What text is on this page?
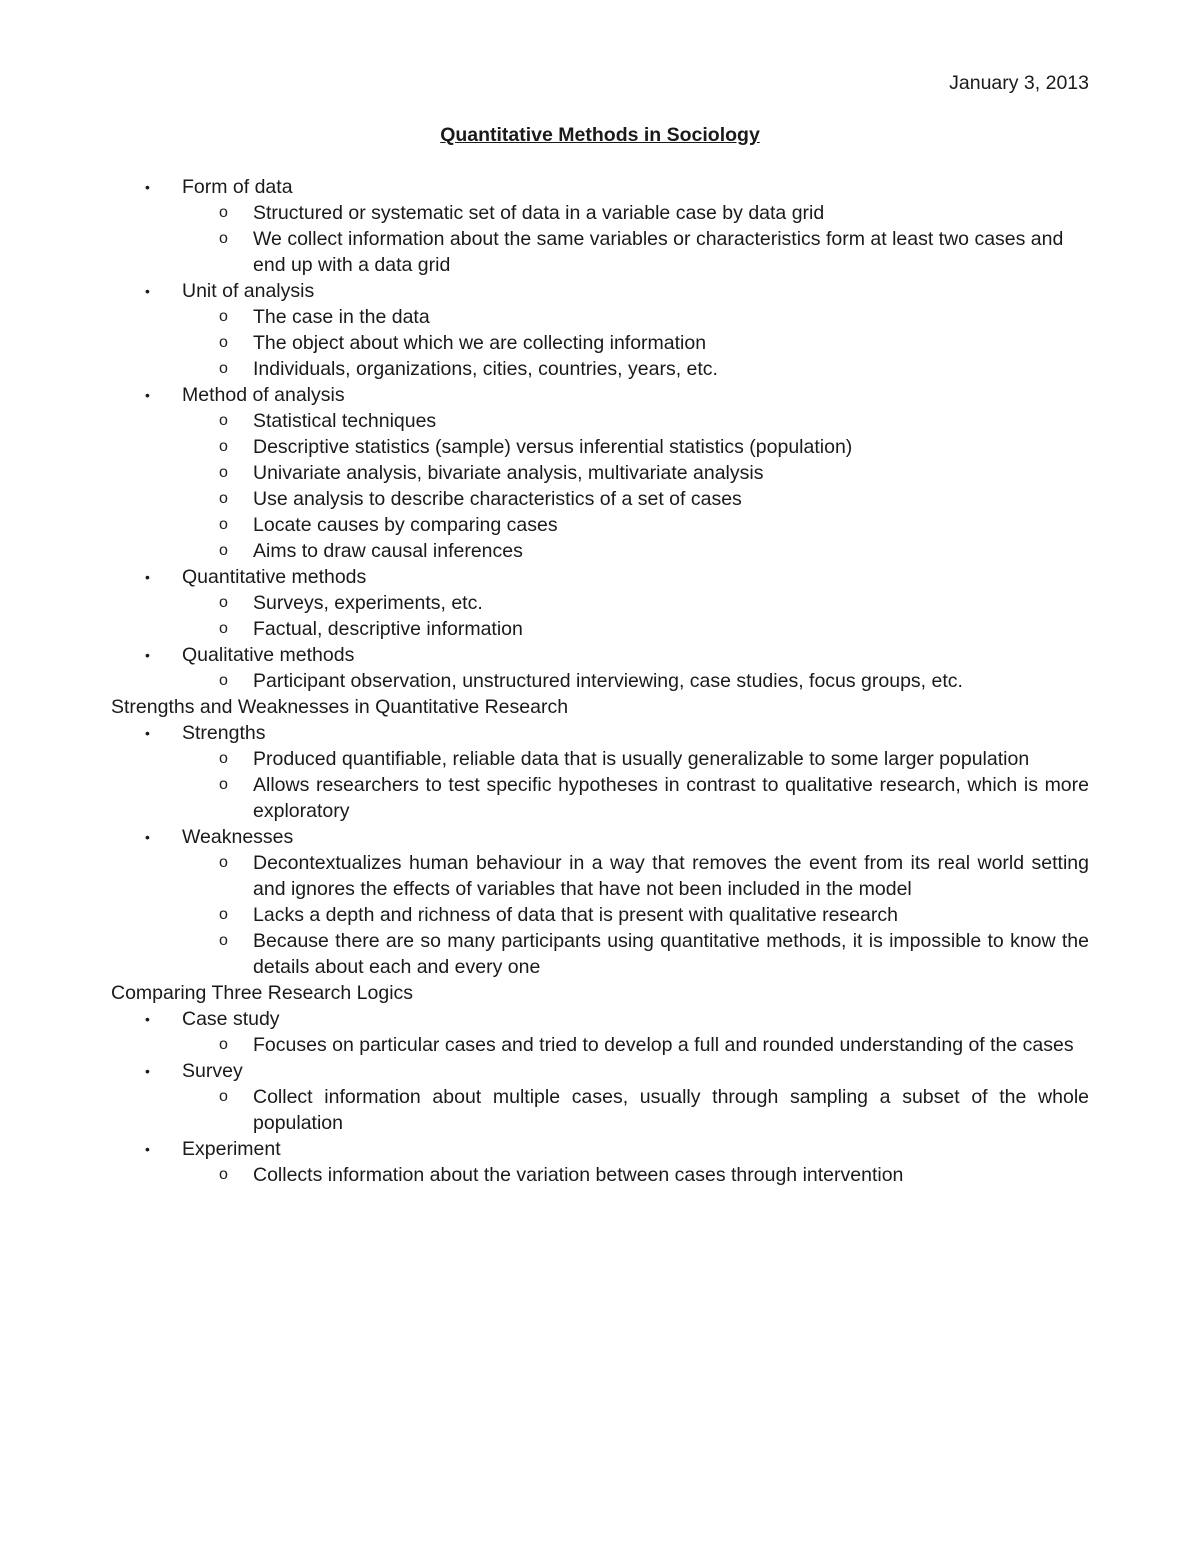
January 3, 2013
Quantitative Methods in Sociology
• Form of data
o Structured or systematic set of data in a variable case by data grid
o We collect information about the same variables or characteristics form at least two cases and end up with a data grid
• Unit of analysis
o The case in the data
o The object about which we are collecting information
o Individuals, organizations, cities, countries, years, etc.
• Method of analysis
o Statistical techniques
o Descriptive statistics (sample) versus inferential statistics (population)
o Univariate analysis, bivariate analysis, multivariate analysis
o Use analysis to describe characteristics of a set of cases
o Locate causes by comparing cases
o Aims to draw causal inferences
• Quantitative methods
o Surveys, experiments, etc.
o Factual, descriptive information
• Qualitative methods
o Participant observation, unstructured interviewing, case studies, focus groups, etc.
Strengths and Weaknesses in Quantitative Research
• Strengths
o Produced quantifiable, reliable data that is usually generalizable to some larger population
o Allows researchers to test specific hypotheses in contrast to qualitative research, which is more exploratory
• Weaknesses
o Decontextualizes human behaviour in a way that removes the event from its real world setting and ignores the effects of variables that have not been included in the model
o Lacks a depth and richness of data that is present with qualitative research
o Because there are so many participants using quantitative methods, it is impossible to know the details about each and every one
Comparing Three Research Logics
• Case study
o Focuses on particular cases and tried to develop a full and rounded understanding of the cases
• Survey
o Collect information about multiple cases, usually through sampling a subset of the whole population
• Experiment
o Collects information about the variation between cases through intervention
